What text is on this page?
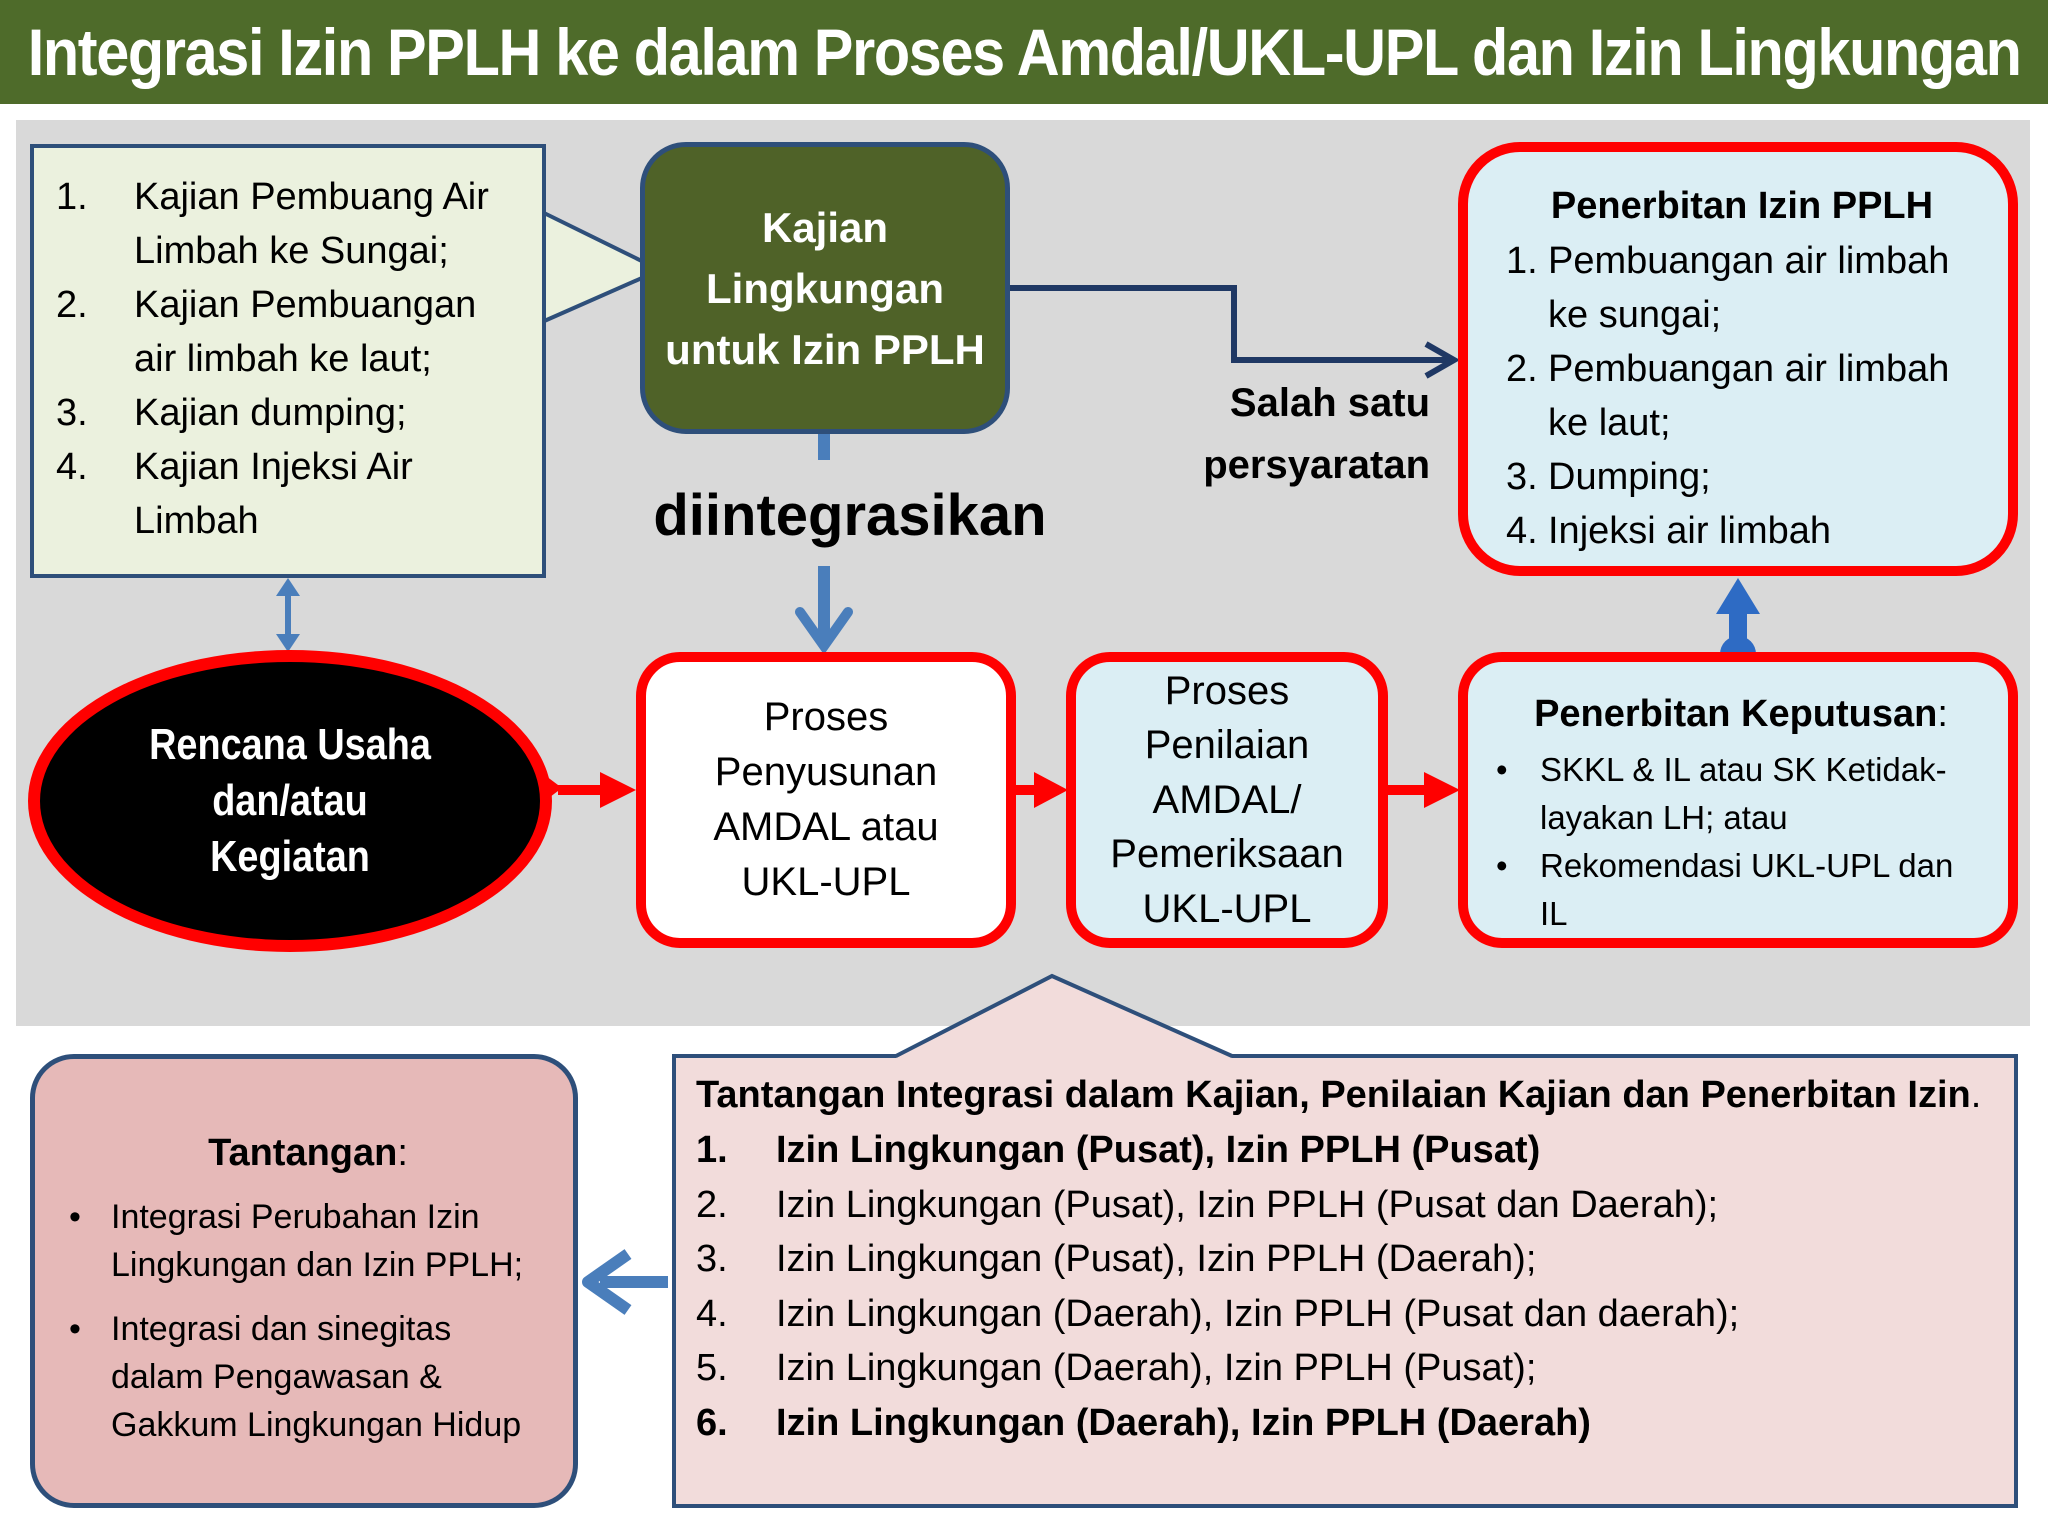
Integrasi Izin PPLH ke dalam Proses Amdal/UKL-UPL dan Izin Lingkungan
1.	Kajian Pembuang Air Limbah ke Sungai;
2.	Kajian Pembuangan air limbah ke laut;
3.	Kajian dumping;
4.	Kajian Injeksi Air Limbah
Kajian Lingkungan untuk Izin PPLH
Salah satu persyaratan
diintegrasikan
Penerbitan Izin PPLH
1. Pembuangan air limbah ke sungai;
2. Pembuangan air limbah ke laut;
3. Dumping;
4. Injeksi air limbah
Rencana Usaha dan/atau Kegiatan
Proses Penyusunan AMDAL atau UKL-UPL
Proses Penilaian AMDAL/ Pemeriksaan UKL-UPL
Penerbitan Keputusan:
• SKKL & IL atau SK Ketidak-layakan LH; atau
• Rekomendasi UKL-UPL dan IL
Tantangan:
• Integrasi Perubahan Izin Lingkungan dan Izin PPLH;
• Integrasi dan sinegitas dalam Pengawasan & Gakkum Lingkungan Hidup
Tantangan Integrasi dalam Kajian, Penilaian Kajian dan Penerbitan Izin.
1.	Izin Lingkungan (Pusat), Izin PPLH (Pusat)
2.	Izin Lingkungan (Pusat), Izin PPLH (Pusat dan Daerah);
3.	Izin Lingkungan (Pusat), Izin PPLH (Daerah);
4.	Izin Lingkungan (Daerah), Izin PPLH (Pusat dan daerah);
5.	Izin Lingkungan (Daerah), Izin PPLH (Pusat);
6.	Izin Lingkungan (Daerah), Izin PPLH (Daerah)
